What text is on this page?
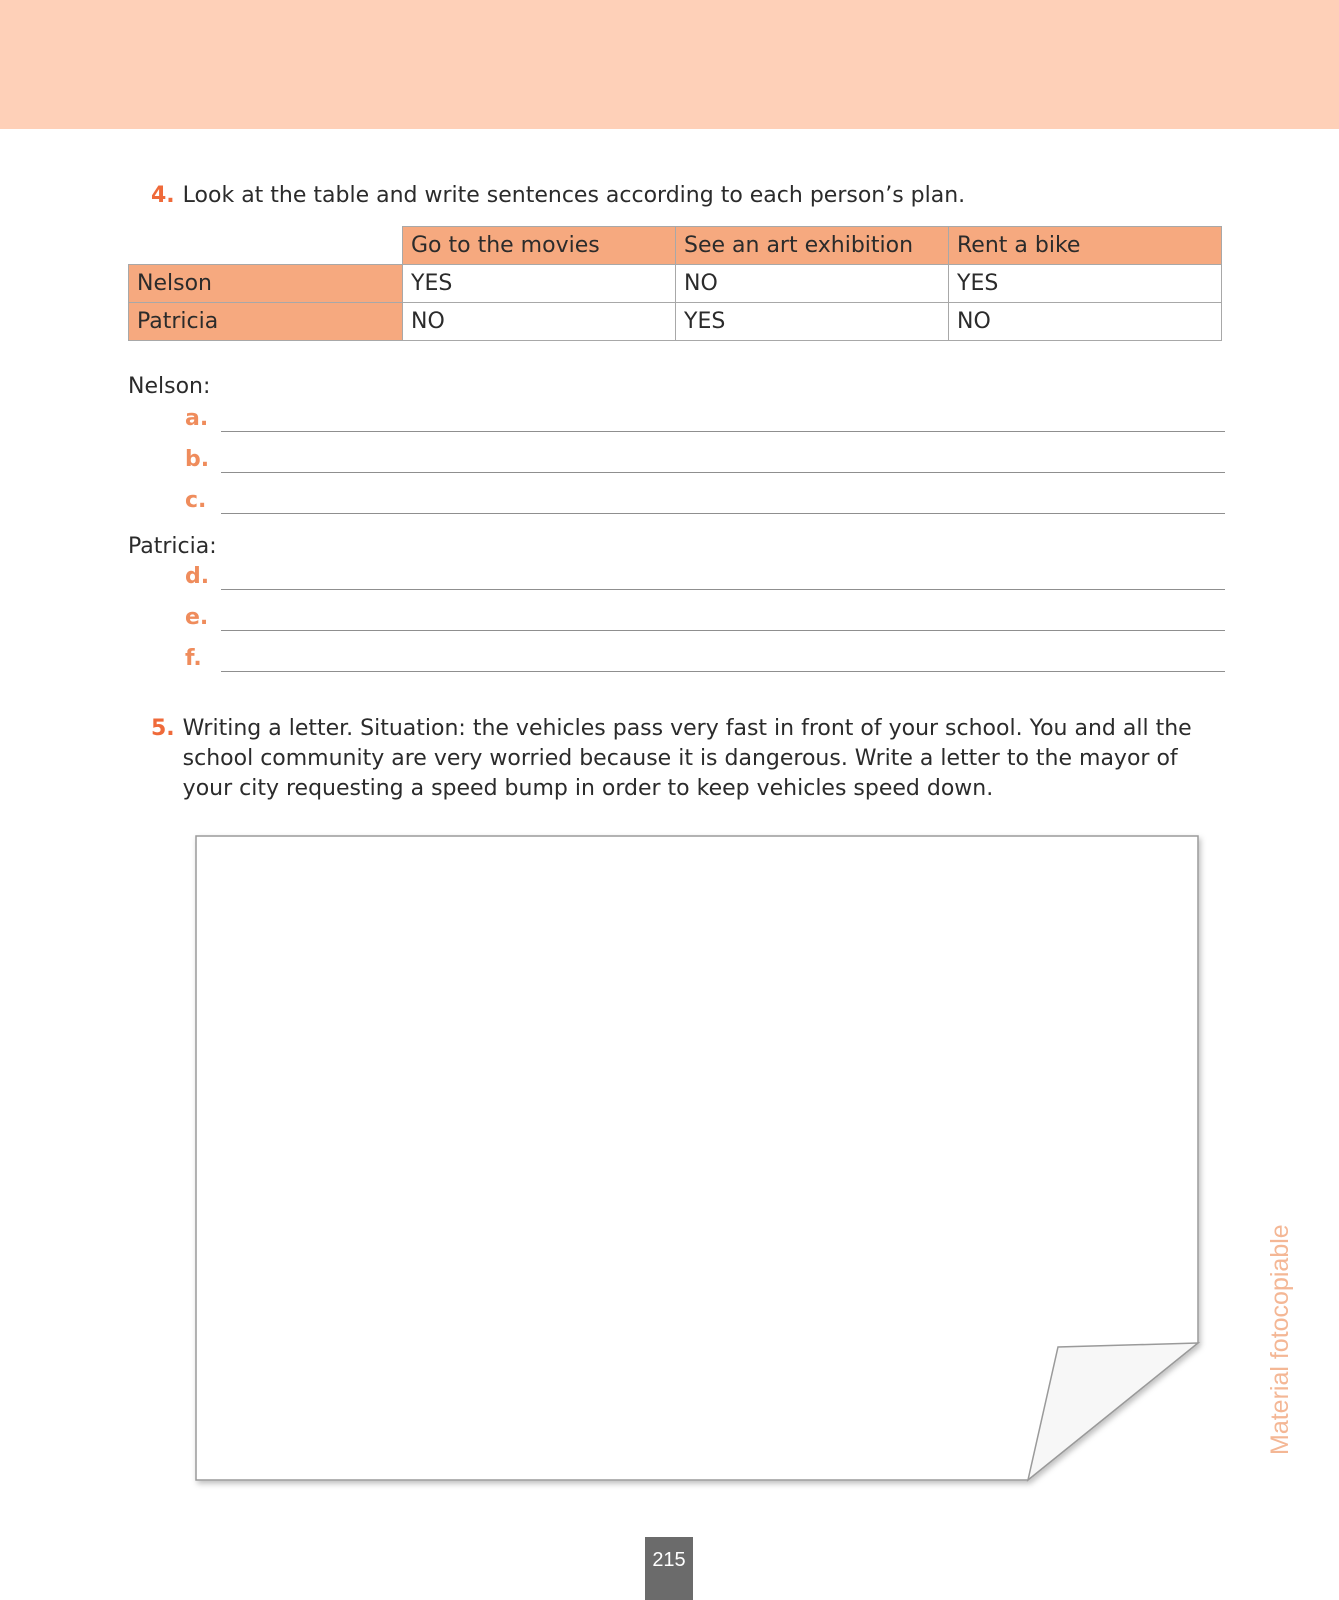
4. Look at the table and write sentences according to each person’s plan.
	Go to the movies	See an art exhibition	Rent a bike
Nelson	YES	NO	YES
Patricia	NO	YES	NO
Nelson:
a.
b.
c.
Patricia:
d.
e.
f.
5. Writing a letter. Situation: the vehicles pass very fast in front of your school. You and all the school community are very worried because it is dangerous. Write a letter to the mayor of your city requesting a speed bump in order to keep vehicles speed down.
Material fotocopiable
215
